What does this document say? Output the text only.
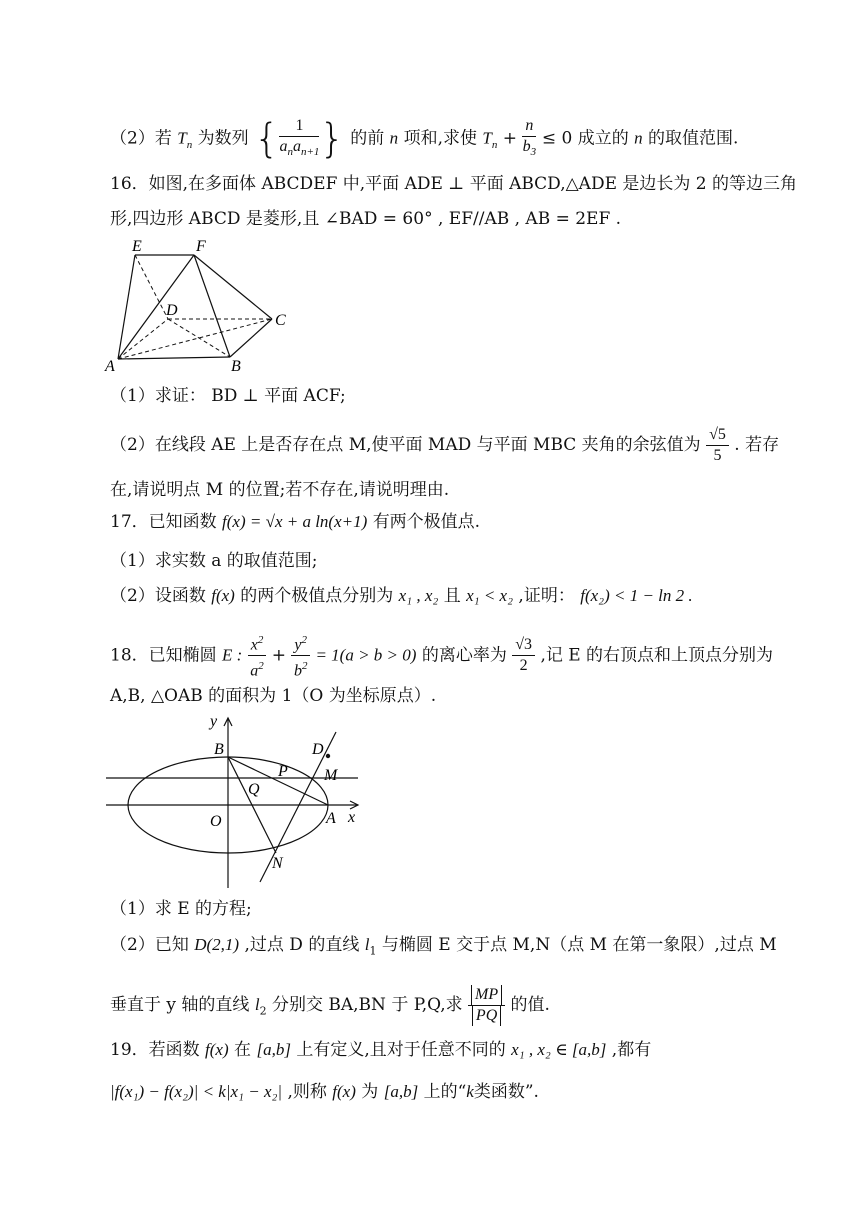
（2）若 $T_n$ 为数列 { $\frac{1}{a_na_{n+1}}$ } 的前 n 项和,求使 $T_n + \frac{n}{b_3} \le 0$ 成立的 n 的取值范围.
16．如图,在多面体 ABCDEF 中,平面 ADE ⊥ 平面 ABCD,△ADE 是边长为 2 的等边三角
形,四边形 ABCD 是菱形,且 ∠BAD = 60° , EF//AB , AB = 2EF .
E	F
D
C
A	B
（1）求证： BD ⊥ 平面 ACF;
（2）在线段 AE 上是否存在点 M,使平面 MAD 与平面 MBC 夹角的余弦值为 $\frac{√5}{5}$ . 若存
在,请说明点 M 的位置;若不存在,请说明理由.
17．已知函数 f(x) = √x + a ln(x+1) 有两个极值点.
（1）求实数 a 的取值范围;
（2）设函数 f(x) 的两个极值点分别为 x₁ , x₂ 且 x₁ < x₂ ,证明： f(x₂) < 1 − ln 2 .
18．已知椭圆 E : $\frac{x^2}{a^2} + \frac{y^2}{b^2} = 1(a > b > 0)$ 的离心率为 $\frac{√3}{2}$ ,记 E 的右顶点和上顶点分别为
A,B, △OAB 的面积为 1（O 为坐标原点）.
y
x
B	D
P M
Q
O	A
N
（1）求 E 的方程;
（2）已知 D(2,1) ,过点 D 的直线 $l_1$ 与椭圆 E 交于点 M,N（点 M 在第一象限）,过点 M
垂直于 y 轴的直线 $l_2$ 分别交 BA,BN 于 P,Q,求 $\frac{MP}{PQ}$ 的值.
19．若函数 f(x) 在 [a,b] 上有定义,且对于任意不同的 x₁ , x₂ ∈ [a,b] ,都有
|f(x₁) − f(x₂)| < k|x₁ − x₂| ,则称 f(x) 为 [a,b] 上的“k类函数”.
